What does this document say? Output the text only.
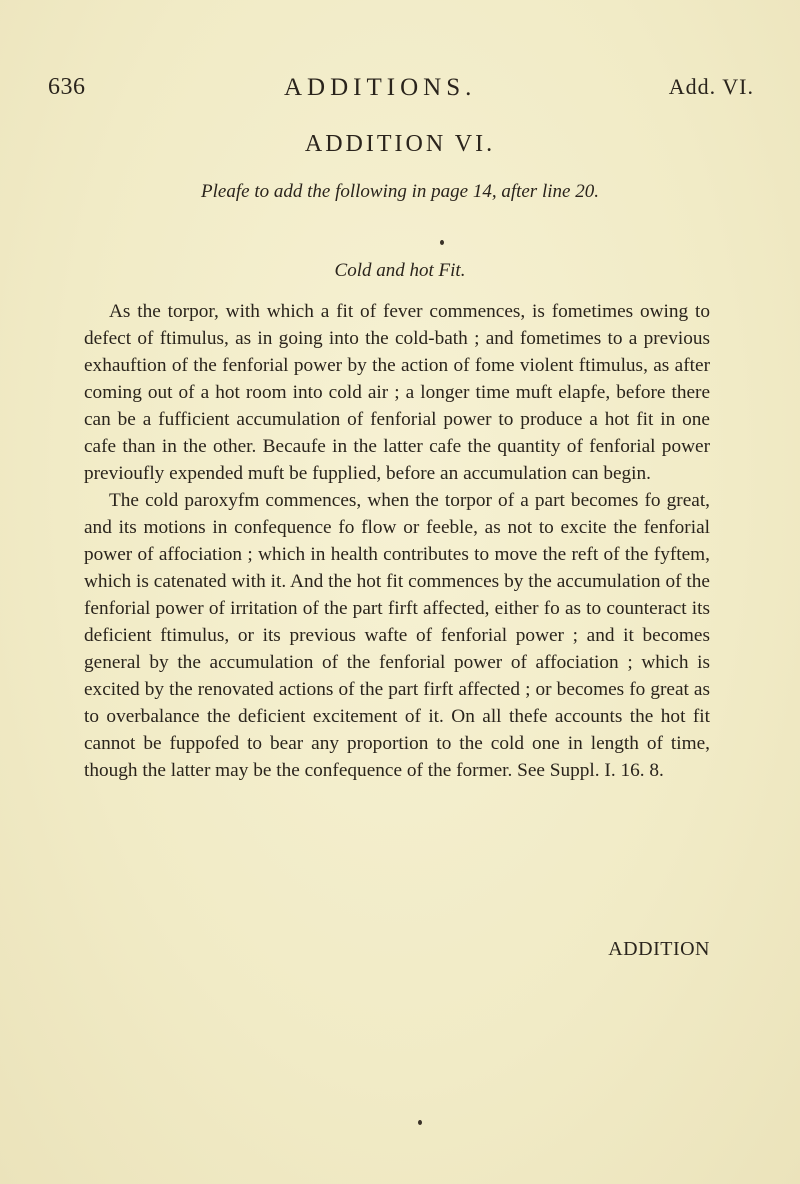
636	ADDITIONS.	Add. VI.
ADDITION VI.
Pleafe to add the following in page 14, after line 20.
Cold and hot Fit.

As the torpor, with which a fit of fever commences, is fometimes owing to defect of ftimulus, as in going into the cold-bath ; and fometimes to a previous exhauftion of the fenforial power by the action of fome violent ftimulus, as after coming out of a hot room into cold air ; a longer time muft elapfe, before there can be a fufficient accumulation of fenforial power to produce a hot fit in one cafe than in the other. Becaufe in the latter cafe the quantity of fenforial power previoufly expended muft be fupplied, before an accumulation can begin.

The cold paroxyfm commences, when the torpor of a part becomes fo great, and its motions in confequence fo flow or feeble, as not to excite the fenforial power of affociation ; which in health contributes to move the reft of the fyftem, which is catenated with it. And the hot fit commences by the accumulation of the fenforial power of irritation of the part firft affected, either fo as to counteract its deficient ftimulus, or its previous wafte of fenforial power ; and it becomes general by the accumulation of the fenforial power of affociation ; which is excited by the renovated actions of the part firft affected ; or becomes fo great as to overbalance the deficient excitement of it. On all thefe accounts the hot fit cannot be fuppofed to bear any proportion to the cold one in length of time, though the latter may be the confequence of the former. See Suppl. I. 16. 8.

ADDITION
